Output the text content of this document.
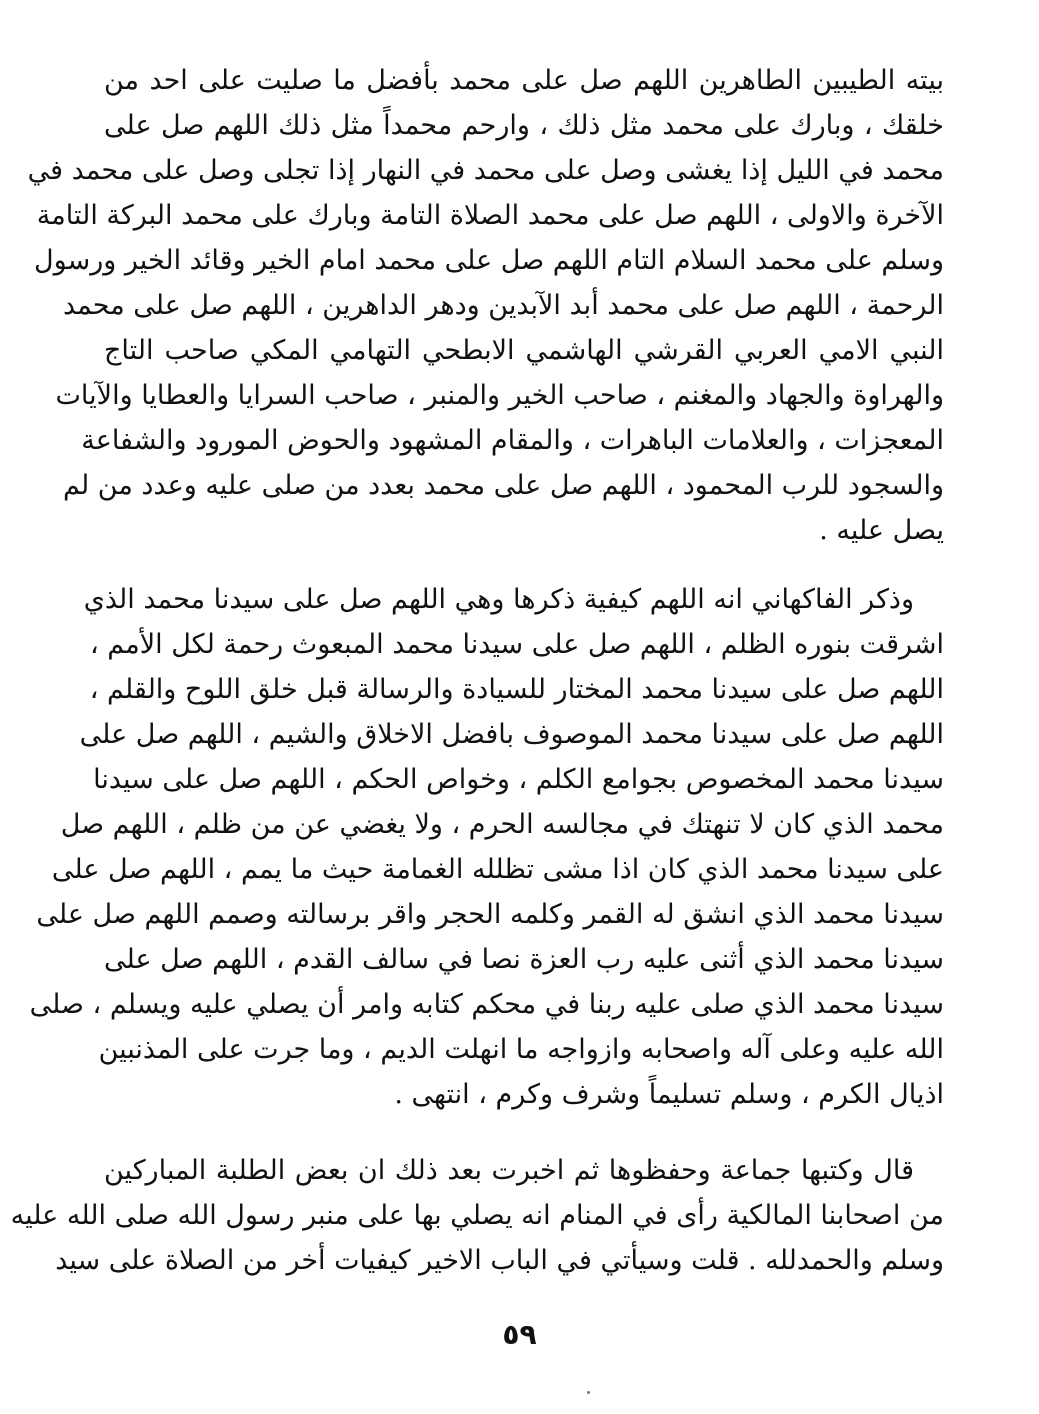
بيته الطيبين الطاهرين اللهم صل على محمد بأفضل ما صليت على احد من
خلقك ، وبارك على محمد مثل ذلك ، وارحم محمداً مثل ذلك اللهم صل على
محمد في الليل إذا يغشى وصل على محمد في النهار إذا تجلى وصل على محمد في
الآخرة والاولى ، اللهم صل على محمد الصلاة التامة وبارك على محمد البركة التامة
وسلم على محمد السلام التام اللهم صل على محمد امام الخير وقائد الخير ورسول
الرحمة ، اللهم صل على محمد أبد الآبدين ودهر الداهرين ، اللهم صل على محمد
النبي الامي العربي القرشي الهاشمي الابطحي التهامي المكي صاحب التاج
والهراوة والجهاد والمغنم ، صاحب الخير والمنبر ، صاحب السرايا والعطايا والآيات
المعجزات ، والعلامات الباهرات ، والمقام المشهود والحوض المورود والشفاعة
والسجود للرب المحمود ، اللهم صل على محمد بعدد من صلى عليه وعدد من لم
يصل عليه .
وذكر الفاكهاني انه اللهم كيفية ذكرها وهي اللهم صل على سيدنا محمد الذي
اشرقت بنوره الظلم ، اللهم صل على سيدنا محمد المبعوث رحمة لكل الأمم ،
اللهم صل على سيدنا محمد المختار للسيادة والرسالة قبل خلق اللوح والقلم ،
اللهم صل على سيدنا محمد الموصوف بافضل الاخلاق والشيم ، اللهم صل على
سيدنا محمد المخصوص بجوامع الكلم ، وخواص الحكم ، اللهم صل على سيدنا
محمد الذي كان لا تنهتك في مجالسه الحرم ، ولا يغضي عن من ظلم ، اللهم صل
على سيدنا محمد الذي كان اذا مشى تظلله الغمامة حيث ما يمم ، اللهم صل على
سيدنا محمد الذي انشق له القمر وكلمه الحجر واقر برسالته وصمم اللهم صل على
سيدنا محمد الذي أثنى عليه رب العزة نصا في سالف القدم ، اللهم صل على
سيدنا محمد الذي صلى عليه ربنا في محكم كتابه وامر أن يصلي عليه ويسلم ، صلى
الله عليه وعلى آله واصحابه وازواجه ما انهلت الديم ، وما جرت على المذنبين
اذيال الكرم ، وسلم تسليماً وشرف وكرم ، انتهى .
قال وكتبها جماعة وحفظوها ثم اخبرت بعد ذلك ان بعض الطلبة المباركين
من اصحابنا المالكية رأى في المنام انه يصلي بها على منبر رسول الله صلى الله عليه
وسلم والحمدلله . قلت وسيأتي في الباب الاخير كيفيات أخر من الصلاة على سيد
٥٩
